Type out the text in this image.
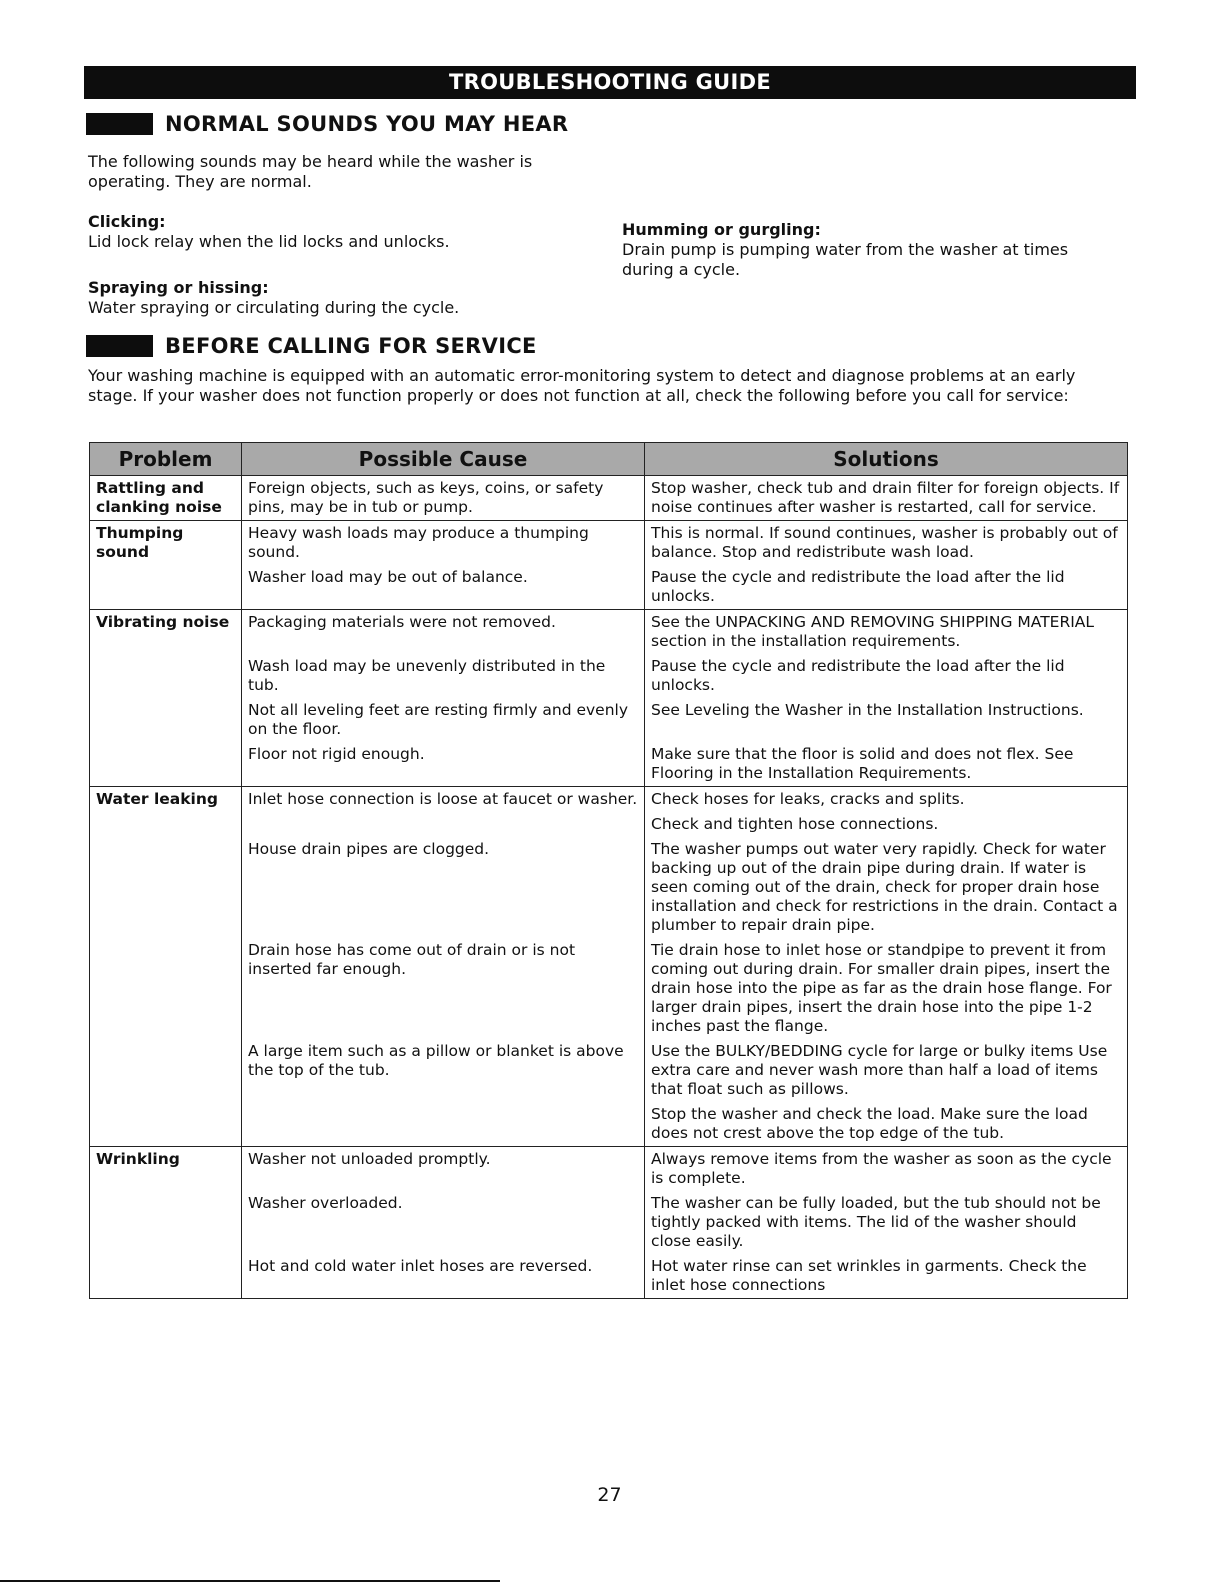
TROUBLESHOOTING GUIDE
NORMAL SOUNDS YOU MAY HEAR
The following sounds may be heard while the washer is operating. They are normal.
Clicking:
Lid lock relay when the lid locks and unlocks.
Spraying or hissing:
Water spraying or circulating during the cycle.
Humming or gurgling:
Drain pump is pumping water from the washer at times during a cycle.
BEFORE CALLING FOR SERVICE
Your washing machine is equipped with an automatic error-monitoring system to detect and diagnose problems at an early stage. If your washer does not function properly or does not function at all, check the following before you call for service:
Problem	Possible Cause	Solutions
Rattling and clanking noise	Foreign objects, such as keys, coins, or safety pins, may be in tub or pump.	Stop washer, check tub and drain filter for foreign objects. If noise continues after washer is restarted, call for service.
Thumping sound	Heavy wash loads may produce a thumping sound.	This is normal. If sound continues, washer is probably out of balance. Stop and redistribute wash load.
	Washer load may be out of balance.	Pause the cycle and redistribute the load after the lid unlocks.
Vibrating noise	Packaging materials were not removed.	See the UNPACKING AND REMOVING SHIPPING MATERIAL section in the installation requirements.
	Wash load may be unevenly distributed in the tub.	Pause the cycle and redistribute the load after the lid unlocks.
	Not all leveling feet are resting firmly and evenly on the floor.	See Leveling the Washer in the Installation Instructions.
	Floor not rigid enough.	Make sure that the floor is solid and does not flex. See Flooring in the Installation Requirements.
Water leaking	Inlet hose connection is loose at faucet or washer.	Check hoses for leaks, cracks and splits.
		Check and tighten hose connections.
	House drain pipes are clogged.	The washer pumps out water very rapidly. Check for water backing up out of the drain pipe during drain. If water is seen coming out of the drain, check for proper drain hose installation and check for restrictions in the drain. Contact a plumber to repair drain pipe.
	Drain hose has come out of drain or is not inserted far enough.	Tie drain hose to inlet hose or standpipe to prevent it from coming out during drain. For smaller drain pipes, insert the drain hose into the pipe as far as the drain hose flange. For larger drain pipes, insert the drain hose into the pipe 1-2 inches past the flange.
	A large item such as a pillow or blanket is above the top of the tub.	Use the BULKY/BEDDING cycle for large or bulky items Use extra care and never wash more than half a load of items that float such as pillows.
		Stop the washer and check the load. Make sure the load does not crest above the top edge of the tub.
Wrinkling	Washer not unloaded promptly.	Always remove items from the washer as soon as the cycle is complete.
	Washer overloaded.	The washer can be fully loaded, but the tub should not be tightly packed with items. The lid of the washer should close easily.
	Hot and cold water inlet hoses are reversed.	Hot water rinse can set wrinkles in garments. Check the inlet hose connections
27
